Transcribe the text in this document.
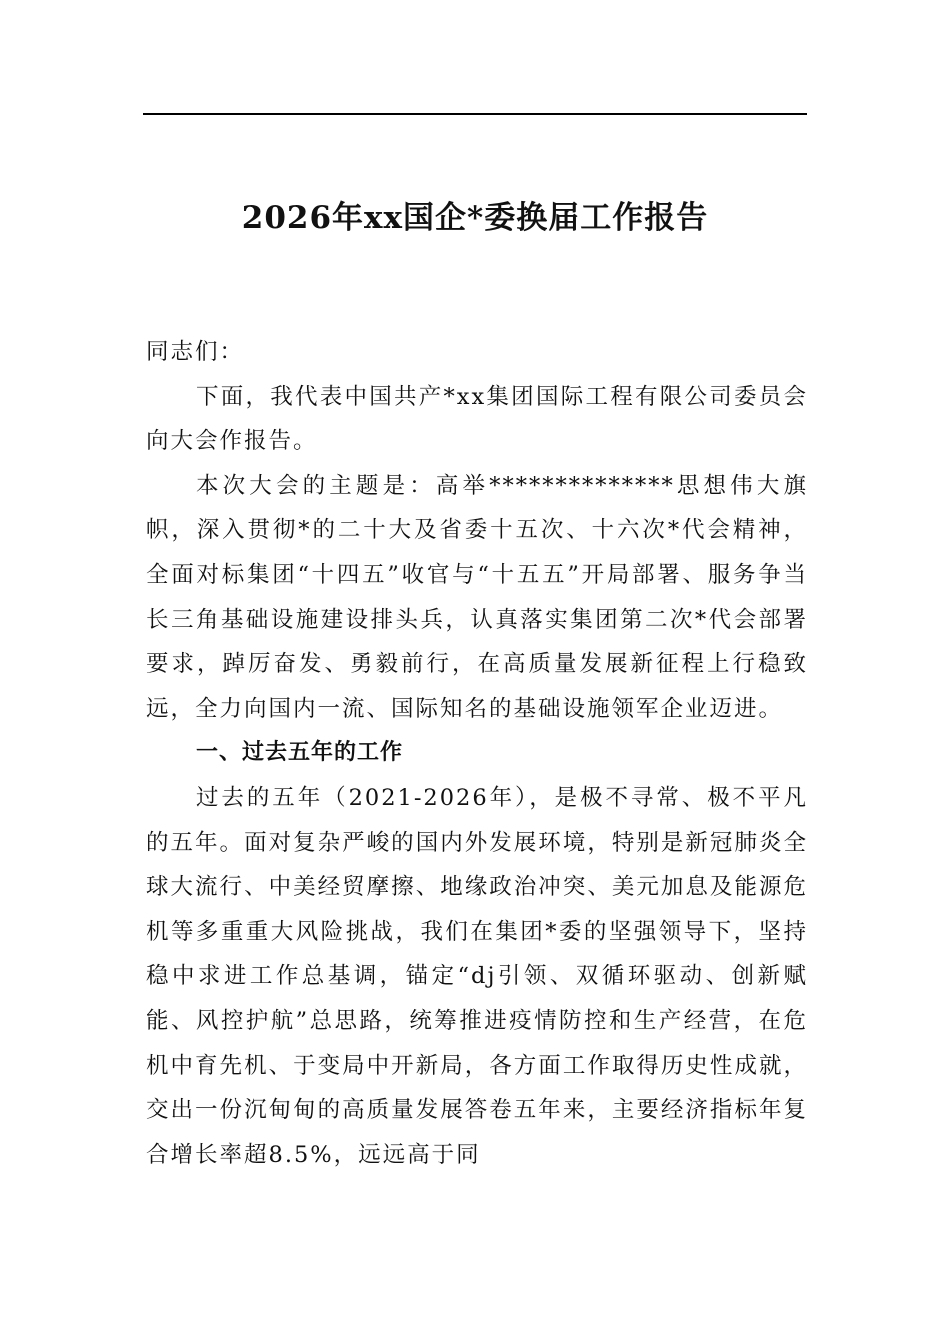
2026年xx国企*委换届工作报告

同志们：

下面，我代表中国共产*xx集团国际工程有限公司委员会向大会作报告。

本次大会的主题是：高举**************思想伟大旗帜，深入贯彻*的二十大及省委十五次、十六次*代会精神，全面对标集团“十四五”收官与“十五五”开局部署、服务争当长三角基础设施建设排头兵，认真落实集团第二次*代会部署要求，踔厉奋发、勇毅前行，在高质量发展新征程上行稳致远，全力向国内一流、国际知名的基础设施领军企业迈进。

一、过去五年的工作

过去的五年（2021-2026年），是极不寻常、极不平凡的五年。面对复杂严峻的国内外发展环境，特别是新冠肺炎全球大流行、中美经贸摩擦、地缘政治冲突、美元加息及能源危机等多重重大风险挑战，我们在集团*委的坚强领导下，坚持稳中求进工作总基调，锚定“dj引领、双循环驱动、创新赋能、风控护航”总思路，统筹推进疫情防控和生产经营，在危机中育先机、于变局中开新局，各方面工作取得历史性成就，交出一份沉甸甸的高质量发展答卷五年来，主要经济指标年复合增长率超8.5%，远远高于同
